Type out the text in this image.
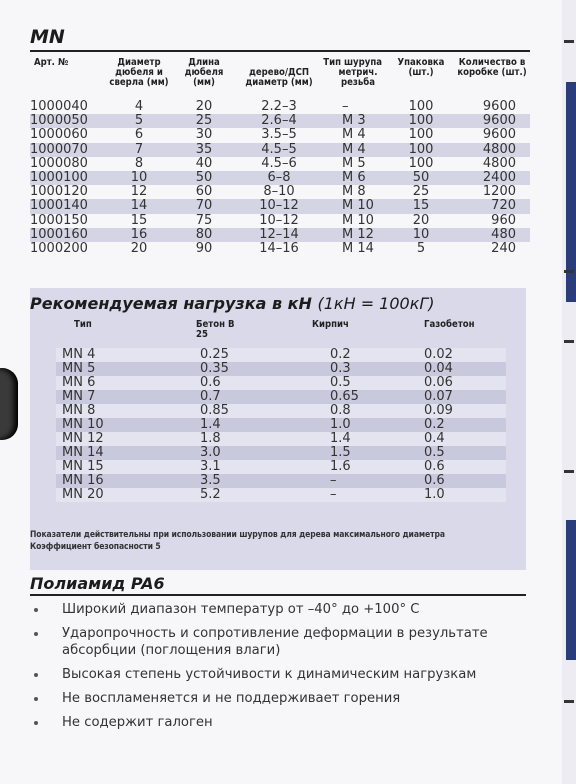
MN
Арт. №	Диаметр дюбеля и сверла (мм)	Длина дюбеля (мм)	Тип шурупа		Упаковка (шт.)	Количество в коробке (шт.)
			дерево/ДСП диаметр (мм)	метрич. резьба		

1000040	4	20	2.2–3	–	100	9600
1000050	5	25	2.6–4	M 3	100	9600
1000060	6	30	3.5–5	M 4	100	9600
1000070	7	35	4.5–5	M 4	100	4800
1000080	8	40	4.5–6	M 5	100	4800
1000100	10	50	6–8	M 6	50	2400
1000120	12	60	8–10	M 8	25	1200
1000140	14	70	10–12	M 10	15	720
1000150	15	75	10–12	M 10	20	960
1000160	16	80	12–14	M 12	10	480
1000200	20	90	14–16	M 14	5	240
Рекомендуемая нагрузка в кН (1кН = 100кГ)
Тип	Бетон В 25	Кирпич	Газобетон
MN 4	0.25	0.2	0.02
MN 5	0.35	0.3	0.04
MN 6	0.6	0.5	0.06
MN 7	0.7	0.65	0.07
MN 8	0.85	0.8	0.09
MN 10	1.4	1.0	0.2
MN 12	1.8	1.4	0.4
MN 14	3.0	1.5	0.5
MN 15	3.1	1.6	0.6
MN 16	3.5	–	0.6
MN 20	5.2	–	1.0
Показатели действительны при использовании шурупов для дерева максимального диаметра
Коэффициент безопасности 5
Полиамид PA6
Широкий диапазон температур от –40° до +100° C
Ударопрочность и сопротивление деформации в результате абсорбции (поглощения влаги)
Высокая степень устойчивости к динамическим нагрузкам
Не воспламеняется и не поддерживает горения
Не содержит галоген
